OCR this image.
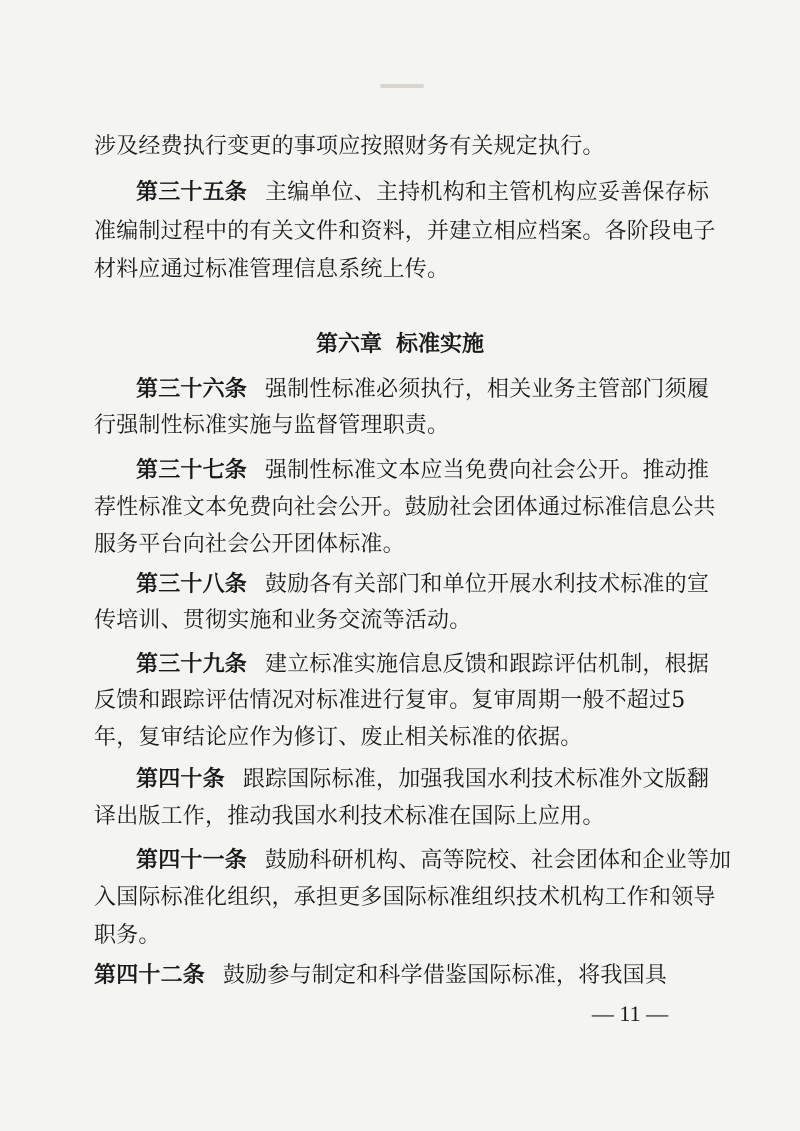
涉及经费执行变更的事项应按照财务有关规定执行。
第三十五条 主编单位、主持机构和主管机构应妥善保存标
准编制过程中的有关文件和资料，并建立相应档案。各阶段电子
材料应通过标准管理信息系统上传。
第六章 标准实施
第三十六条 强制性标准必须执行，相关业务主管部门须履
行强制性标准实施与监督管理职责。
第三十七条 强制性标准文本应当免费向社会公开。推动推
荐性标准文本免费向社会公开。鼓励社会团体通过标准信息公共
服务平台向社会公开团体标准。
第三十八条 鼓励各有关部门和单位开展水利技术标准的宣
传培训、贯彻实施和业务交流等活动。
第三十九条 建立标准实施信息反馈和跟踪评估机制，根据
反馈和跟踪评估情况对标准进行复审。复审周期一般不超过5
年，复审结论应作为修订、废止相关标准的依据。
第四十条 跟踪国际标准，加强我国水利技术标准外文版翻
译出版工作，推动我国水利技术标准在国际上应用。
第四十一条 鼓励科研机构、高等院校、社会团体和企业等加
入国际标准化组织，承担更多国际标准组织技术机构工作和领导
职务。
第四十二条 鼓励参与制定和科学借鉴国际标准，将我国具
— 11 —
